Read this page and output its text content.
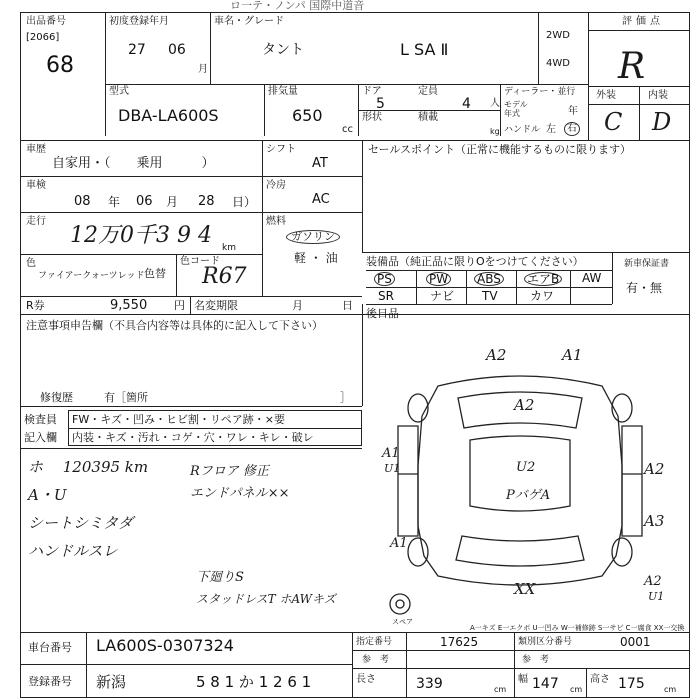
ロ一テ・ノンパ 国際中道音
出品番号
[2066]
68
初度登録年月
27 06
月
車名・グレード
タント	L SA Ⅱ
2WD
4WD
評価点
R
型式
DBA-LA600S
排気量
650
cc
ドア
5
定員
4 人
形状	積載
kg
ディーラー・並行
モデル年式	年
ハンドル 左	右
外装	内装
C D
車歴
自家用・（　　乗用　　　）
シフト
AT
セールスポイント（正常に機能するものに限ります）
車検
08 年 06 月 28 日）
冷房
AC
走行
12万0千3 9 4 km
燃料
ガソリン
軽 ・ 油	装備品（純正品に限りOをつけてください）	新車保証書
色
ファイアークォーツレッド 色替
色コード
R67	有・無
PS	PW ABS エアB AW
SR	ナビ TV	カワ
R券	9,550 円 名変期限	月	日
注意事項申告欄（不具合内容等は具体的に記入して下さい）
修復歴	有［箇所	］
後日品
検査員
記入欄
FW・キズ・凹み・ヒビ割・リペア跡・×要
内装・キズ・汚れ・コゲ・穴・ワレ・キレ・破レ
ホ　 120395 km
A・U
シートシミタダ
ハンドルスレ
Rフロア 修正
エンドパネル××
下廻りS
スタッドレスT ホAWキズ
A2	A1
A2
U2
PバゲA
A1
U1	A2
A3
A1
XX	A2
U1
スペア
A一キズ E一エクボ U一凹み W一補修跡 S一サビ C一腐食 XX一交換
車台番号 LA600S-0307324
登録番号 新潟	5 8 1 か 1 2 6 1
指定番号	17625	類別区分番号	0001
参　考	参　考
長さ	339	cm
幅 147 cm
高さ 175 cm
